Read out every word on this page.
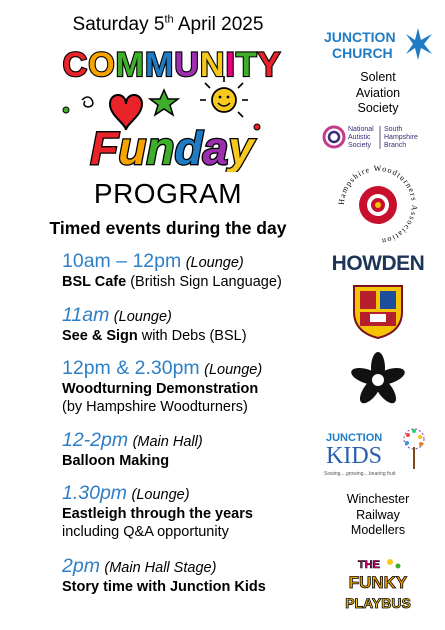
Saturday 5th April 2025
COMMUNITY
Funday
PROGRAM
Timed events during the day
10am – 12pm (Lounge)
BSL Cafe (British Sign Language)
11am (Lounge)
See & Sign with Debs (BSL)
12pm & 2.30pm (Lounge)
Woodturning Demonstration
(by Hampshire Woodturners)
12-2pm (Main Hall)
Balloon Making
1.30pm (Lounge)
Eastleigh through the years
including Q&A opportunity
2pm (Main Hall Stage)
Story time with Junction Kids
JUNCTION
CHURCH
Solent
Aviation
Society
National
Autistic
Society
South
Hampshire
Branch
Hampshire Woodturners Association
HOWDEN
JUNCTION
KIDS
Sowing....growing....bearing fruit
Winchester
Railway
Modellers
THE
FUNKY
PLAYBUS
